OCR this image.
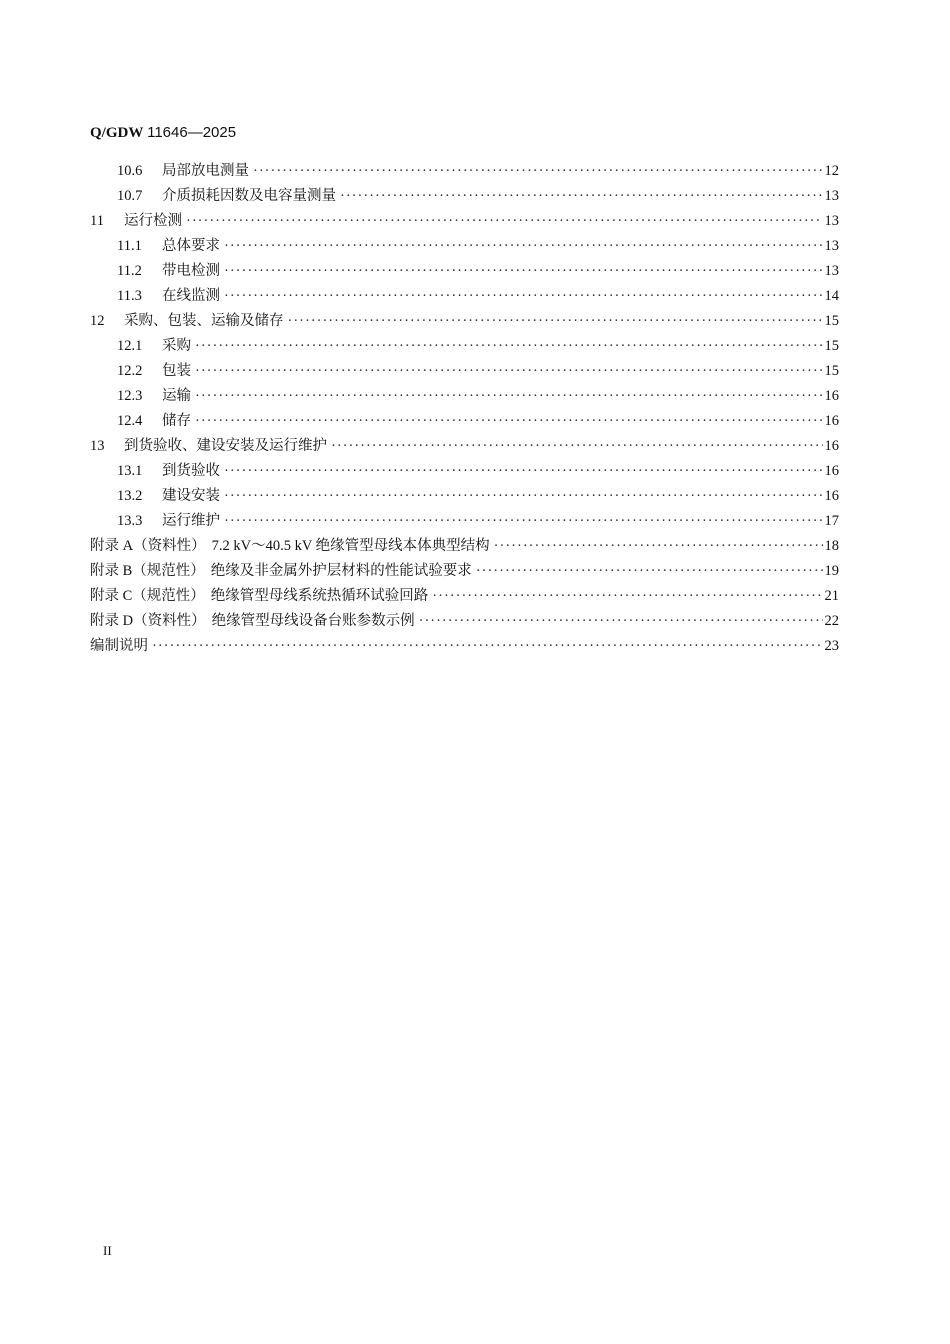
Q/GDW 11646—2025
10.6	局部放电测量 ·····	12
10.7	介质损耗因数及电容量测量 ·····	13
11	运行检测 ·····	13
11.1	总体要求 ·····	13
11.2	带电检测 ·····	13
11.3	在线监测 ·····	14
12	采购、包装、运输及储存 ·····	15
12.1	采购 ·····	15
12.2	包装 ·····	15
12.3	运输 ·····	16
12.4	储存 ·····	16
13	到货验收、建设安装及运行维护 ·····	16
13.1	到货验收 ·····	16
13.2	建设安装 ·····	16
13.3	运行维护 ·····	17
附录 A（资料性） 7.2 kV～40.5 kV 绝缘管型母线本体典型结构 ·····	18
附录 B（规范性） 绝缘及非金属外护层材料的性能试验要求 ·····	19
附录 C（规范性） 绝缘管型母线系统热循环试验回路 ·····	21
附录 D（资料性） 绝缘管型母线设备台账参数示例 ·····	22
编制说明 ·····	23
II
